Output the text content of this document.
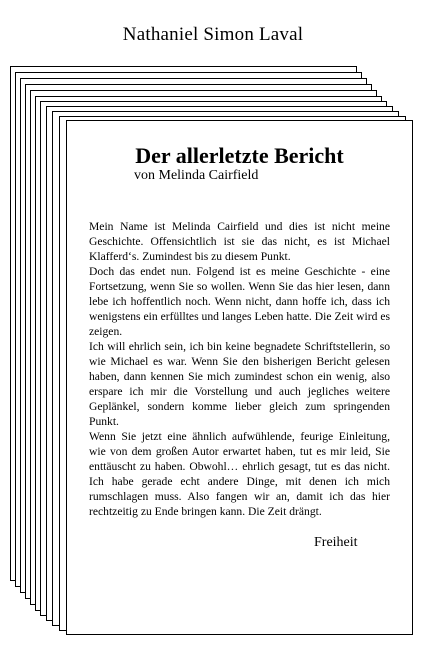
Nathaniel Simon Laval
Der allerletzte Bericht
von Melinda Cairfield

Mein Name ist Melinda Cairfield und dies ist nicht meine Geschichte. Offensichtlich ist sie das nicht, es ist Michael Klafferd‘s. Zumindest bis zu diesem Punkt.

Doch das endet nun. Folgend ist es meine Geschichte - eine Fortsetzung, wenn Sie so wollen. Wenn Sie das hier lesen, dann lebe ich hoffentlich noch. Wenn nicht, dann hoffe ich, dass ich wenigstens ein erfülltes und langes Leben hatte. Die Zeit wird es zeigen.

Ich will ehrlich sein, ich bin keine begnadete Schriftstellerin, so wie Michael es war. Wenn Sie den bisherigen Bericht gelesen haben, dann kennen Sie mich zumindest schon ein wenig, also erspare ich mir die Vorstellung und auch jegliches weitere Geplänkel, sondern komme lieber gleich zum springenden Punkt.

Wenn Sie jetzt eine ähnlich aufwühlende, feurige Einleitung, wie von dem großen Autor erwartet haben, tut es mir leid, Sie enttäuscht zu haben. Obwohl… ehrlich gesagt, tut es das nicht. Ich habe gerade echt andere Dinge, mit denen ich mich rumschlagen muss. Also fangen wir an, damit ich das hier rechtzeitig zu Ende bringen kann. Die Zeit drängt.

Freiheit
